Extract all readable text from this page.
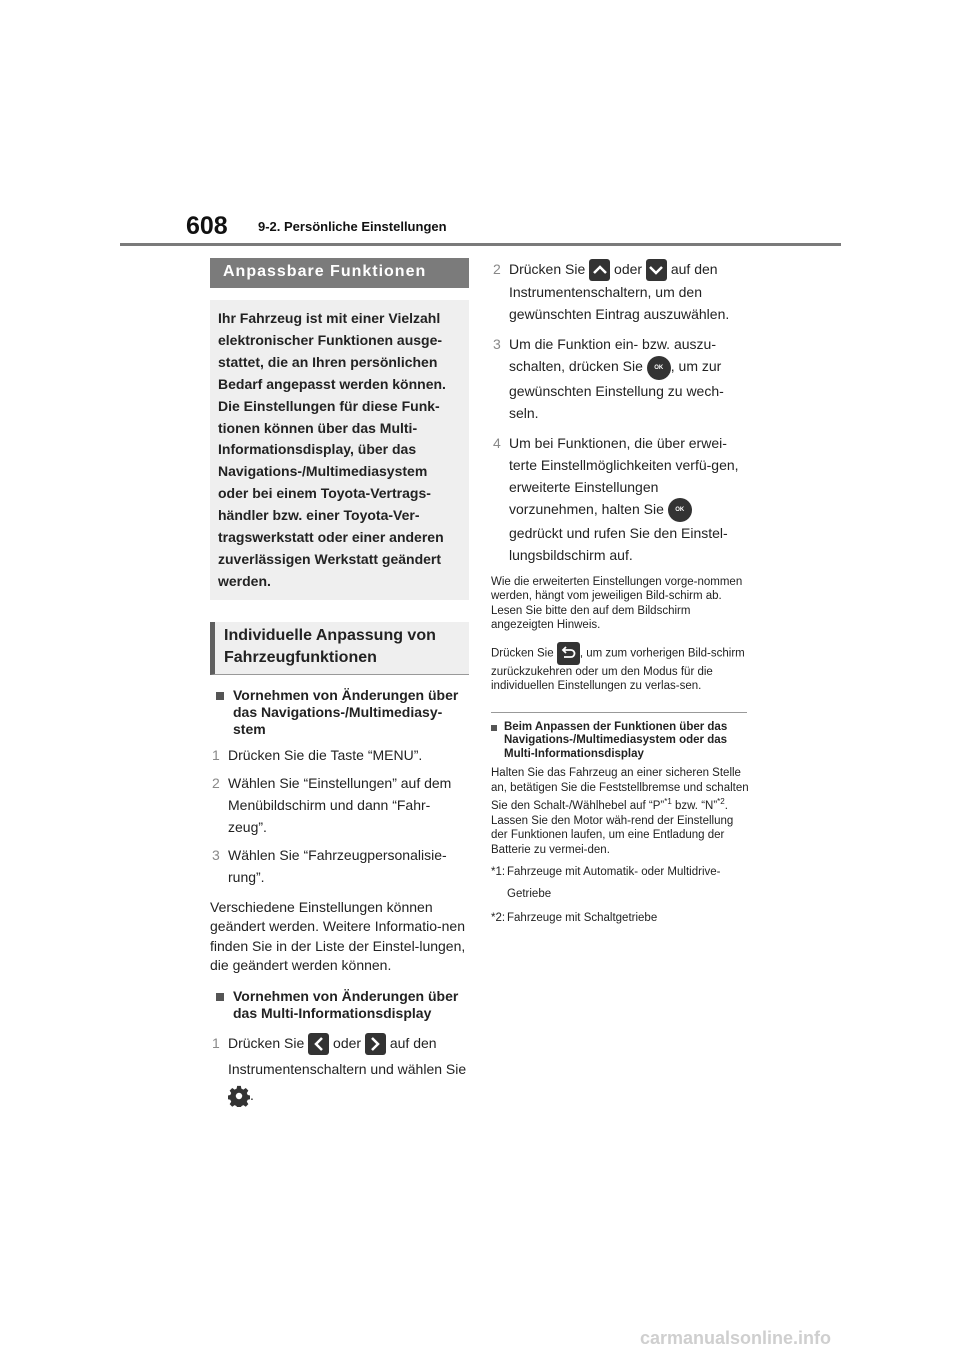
608 9-2. Persönliche Einstellungen
Anpassbare Funktionen
Ihr Fahrzeug ist mit einer Vielzahl elektronischer Funktionen ausge-stattet, die an Ihren persönlichen Bedarf angepasst werden können. Die Einstellungen für diese Funk-tionen können über das Multi-Informationsdisplay, über das Navigations-/Multimediasystem oder bei einem Toyota-Vertrags-händler bzw. einer Toyota-Ver-tragswerkstatt oder einer anderen zuverlässigen Werkstatt geändert werden.
Individuelle Anpassung von Fahrzeugfunktionen
Vornehmen von Änderungen über das Navigations-/Multimediasy-stem
1 Drücken Sie die Taste “MENU”.
2 Wählen Sie “Einstellungen” auf dem Menübildschirm und dann “Fahr-zeug”.
3 Wählen Sie “Fahrzeugpersonalisie-rung”.
Verschiedene Einstellungen können geändert werden. Weitere Informatio-nen finden Sie in der Liste der Einstel-lungen, die geändert werden können.
Vornehmen von Änderungen über das Multi-Informationsdisplay
1 Drücken Sie oder auf den Instrumentenschaltern und wählen Sie
.
2 Drücken Sie oder auf den Instrumentenschaltern, um den gewünschten Eintrag auszuwählen.
3 Um die Funktion ein- bzw. auszu-schalten, drücken Sie OK , um zur gewünschten Einstellung zu wech-seln.
4 Um bei Funktionen, die über erwei-terte Einstellmöglichkeiten verfü-gen, erweiterte Einstellungen vorzunehmen, halten Sie OK
gedrückt und rufen Sie den Einstel-lungsbildschirm auf.
Wie die erweiterten Einstellungen vorge-nommen werden, hängt vom jeweiligen Bild-schirm ab. Lesen Sie bitte den auf dem Bildschirm angezeigten Hinweis.
Drücken Sie , um zum vorherigen Bild-schirm zurückzukehren oder um den Modus für die individuellen Einstellungen zu verlas-sen.
Beim Anpassen der Funktionen über das Navigations-/Multimediasystem oder das Multi-Informationsdisplay
Halten Sie das Fahrzeug an einer sicheren Stelle an, betätigen Sie die Feststellbremse und schalten Sie den Schalt-/Wählhebel auf “P”$^{*1}$ bzw. “N”$^{*2}$. Lassen Sie den Motor wäh-rend der Einstellung der Funktionen laufen, um eine Entladung der Batterie zu vermei-den.
*1: Fahrzeuge mit Automatik- oder Multidrive-Getriebe
*2: Fahrzeuge mit Schaltgetriebe
carmanualsonline.info
